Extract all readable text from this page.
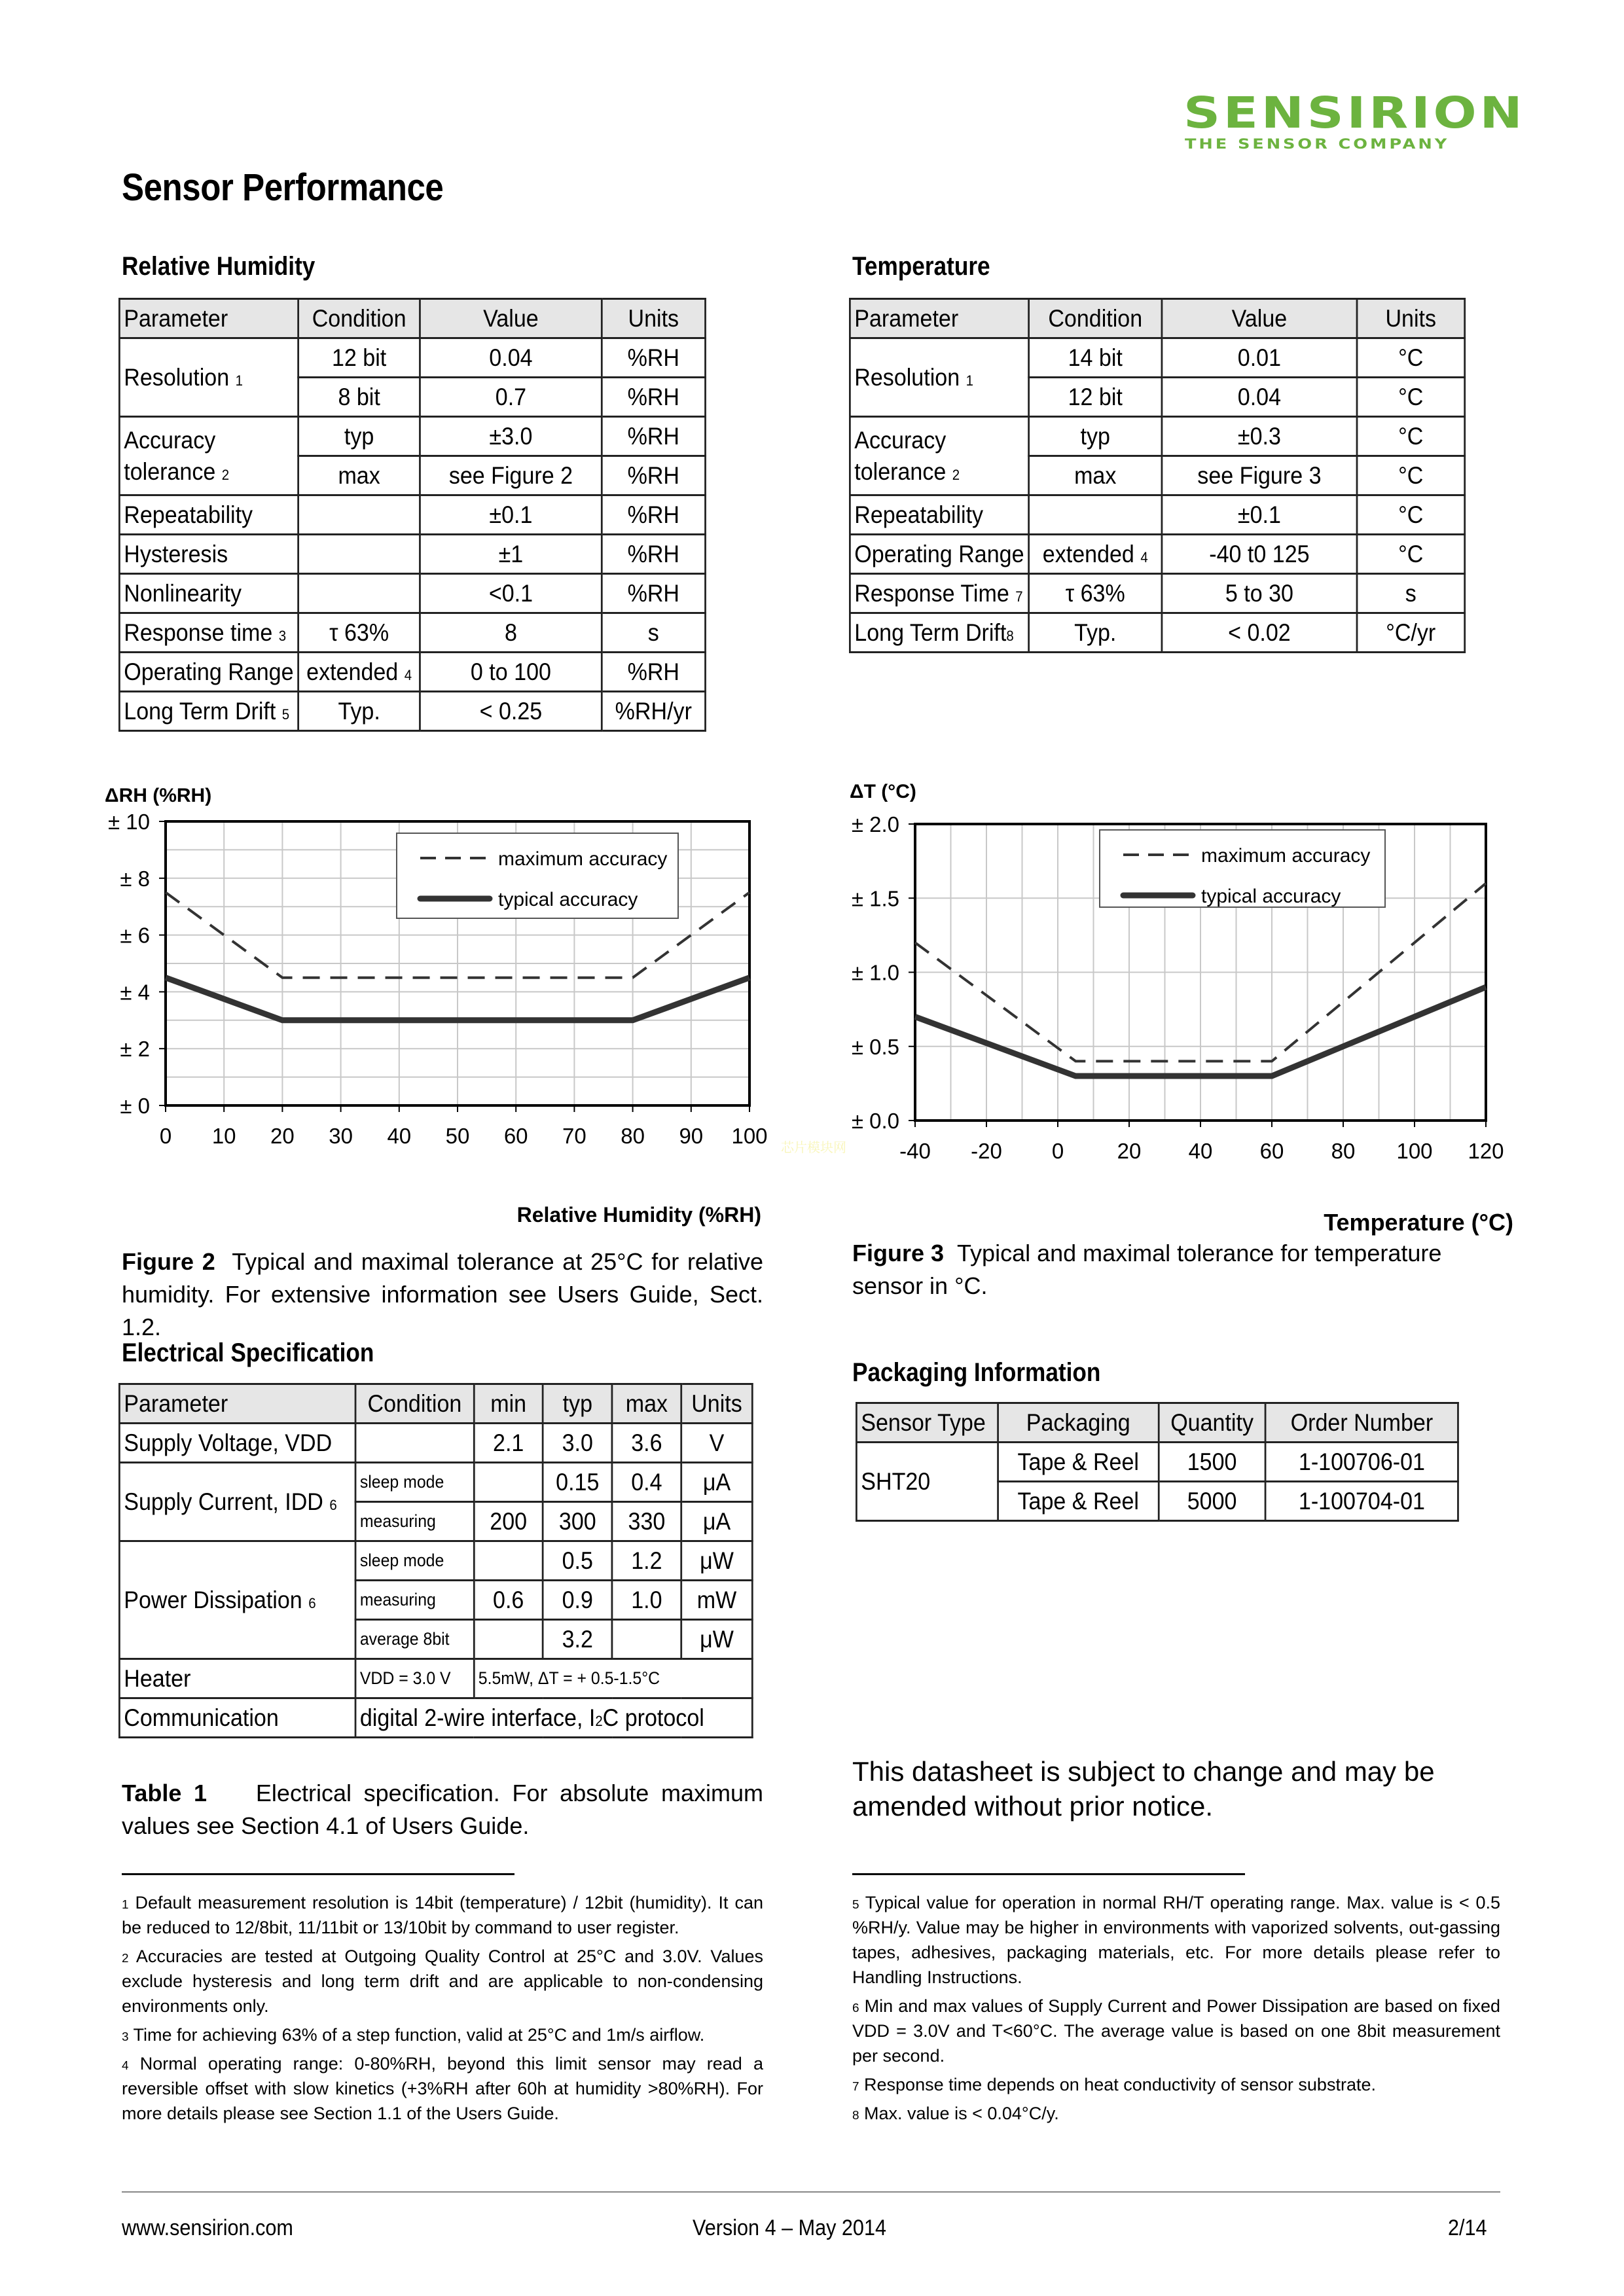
SENSIRION
THE SENSOR COMPANY
Sensor Performance
Relative Humidity
Parameter	Condition	Value	Units
Resolution $^1$	12 bit	0.04	%RH
	8 bit	0.7	%RH
Accuracy
tolerance $^2$	typ	±3.0	%RH
	max	see Figure 2	%RH
Repeatability		±0.1	%RH
Hysteresis		±1	%RH
Nonlinearity		<0.1	%RH
Response time $^3$	τ 63%	8	s
Operating Range	extended $^4$	0 to 100	%RH
Long Term Drift $^5$	Typ.	< 0.25	%RH/yr
Temperature
Parameter	Condition	Value	Units
Resolution $^1$	14 bit	0.01	°C
	12 bit	0.04	°C
Accuracy
tolerance $^2$	typ	±0.3	°C
	max	see Figure 3	°C
Repeatability		±0.1	°C
Operating Range	extended $^4$	-40 t0 125	°C
Response Time $^7$	τ 63%	5 to 30	s
Long Term Drift$^8$	Typ.	< 0.02	°C/yr
± 0
± 2
± 4
± 6
± 8
± 10
0 10 20 30 40 50 60 70 80 90 100
ΔRH (%RH)
Relative Humidity (%RH)
maximum accuracy
typical accuracy
± 0.0
± 0.5
± 1.0
± 1.5
± 2.0
-40 -20 0 20 40 60 80 100 120
ΔT (°C)
Temperature (°C)
maximum accuracy
typical accuracy
芯片模块网
Figure 2 Typical and maximal tolerance at 25°C for relative humidity. For extensive information see Users Guide, Sect. 1.2.
Figure 3 Typical and maximal tolerance for temperature sensor in °C.
Electrical Specification
Parameter	Condition	min	typ	max	Units
Supply Voltage, VDD		2.1	3.0	3.6	V
Supply Current, IDD $^6$	sleep mode		0.15	0.4	μA
	measuring	200	300	330	μA
Power Dissipation $^6$	sleep mode		0.5	1.2	μW
	measuring	0.6	0.9	1.0	mW
	average 8bit		3.2		μW
Heater	VDD = 3.0 V	5.5mW, ΔT = + 0.5-1.5°C			
Communication	digital 2-wire interface, $I^2C$ protocol				
Table 1 Electrical specification. For absolute maximum values see Section 4.1 of Users Guide.
Packaging Information
Sensor Type	Packaging	Quantity	Order Number
SHT20	Tape & Reel	1500	1-100706-01
	Tape & Reel	5000	1-100704-01
This datasheet is subject to change and may be amended without prior notice.
$^1$ Default measurement resolution is 14bit (temperature) / 12bit (humidity). It can be reduced to 12/8bit, 11/11bit or 13/10bit by command to user register.
$^2$ Accuracies are tested at Outgoing Quality Control at 25°C and 3.0V. Values exclude hysteresis and long term drift and are applicable to non-condensing environments only.
$^3$ Time for achieving 63% of a step function, valid at 25°C and 1m/s airflow.
$^4$ Normal operating range: 0-80%RH, beyond this limit sensor may read a reversible offset with slow kinetics (+3%RH after 60h at humidity >80%RH). For more details please see Section 1.1 of the Users Guide.
$^5$ Typical value for operation in normal RH/T operating range. Max. value is < 0.5 %RH/y. Value may be higher in environments with vaporized solvents, out-gassing tapes, adhesives, packaging materials, etc. For more details please refer to Handling Instructions.
$^6$ Min and max values of Supply Current and Power Dissipation are based on fixed VDD = 3.0V and T<60°C. The average value is based on one 8bit measurement per second.
$^7$ Response time depends on heat conductivity of sensor substrate.
$^8$ Max. value is < 0.04°C/y.
www.sensirion.com	Version 4 – May 2014	2/14
